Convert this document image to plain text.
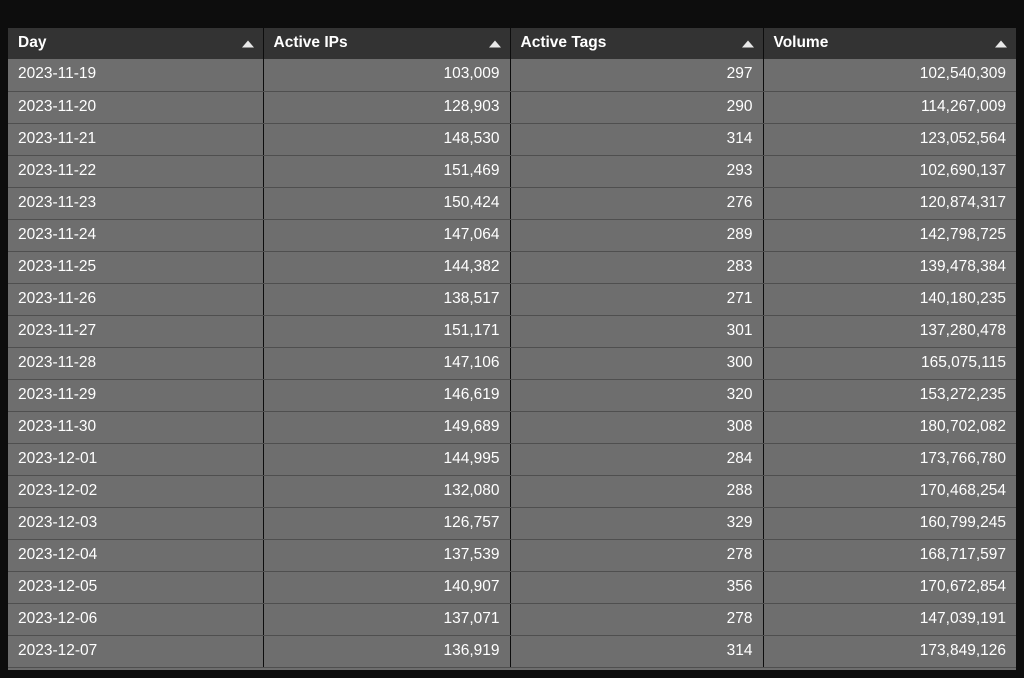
Day	Active IPs	Active Tags	Volume

2023-11-19	103,009	297	102,540,309
2023-11-20	128,903	290	114,267,009
2023-11-21	148,530	314	123,052,564
2023-11-22	151,469	293	102,690,137
2023-11-23	150,424	276	120,874,317
2023-11-24	147,064	289	142,798,725
2023-11-25	144,382	283	139,478,384
2023-11-26	138,517	271	140,180,235
2023-11-27	151,171	301	137,280,478
2023-11-28	147,106	300	165,075,115
2023-11-29	146,619	320	153,272,235
2023-11-30	149,689	308	180,702,082
2023-12-01	144,995	284	173,766,780
2023-12-02	132,080	288	170,468,254
2023-12-03	126,757	329	160,799,245
2023-12-04	137,539	278	168,717,597
2023-12-05	140,907	356	170,672,854
2023-12-06	137,071	278	147,039,191
2023-12-07	136,919	314	173,849,126
